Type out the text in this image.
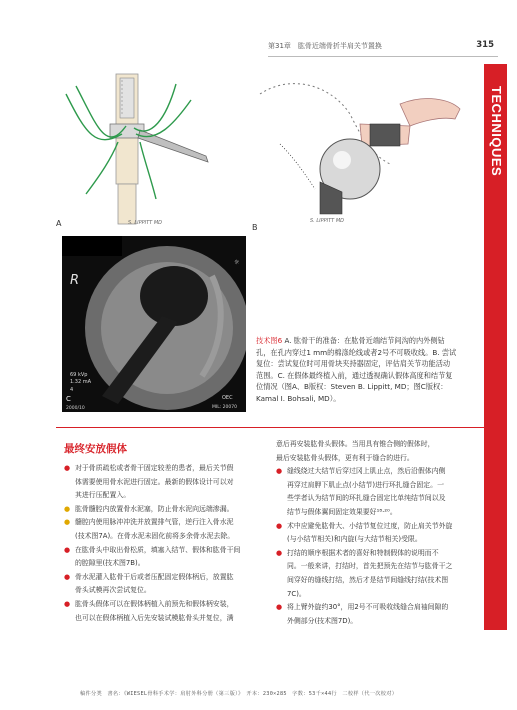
第31章　肱骨近端骨折半肩关节置换	315
TECHNIQUES
A	S. LIPPITT MD	B
S. LIPPITT MD
R
69 kVp
1.32 mA
4
C
2000/10
OEC
MIL: 20070
☼
技术图6 A. 肱骨干的准备：在肱骨近端结节间沟的内外侧钻
孔，在孔内穿过1 mm的棉涤纶线或者2号不可吸收线。B. 尝试
复位：尝试复位时可用骨块夹持器固定，评估肩关节功能活动
范围。C. 在假体最终植入前，通过透视确认假体高度和结节复
位情况（图A、B版权：Steven B. Lippitt, MD；图C版权：
Kamal I. Bohsali, MD）。
最终安放假体

● 对于骨质疏松或者骨干固定较差的患者，最后关节假
体需要使用骨水泥进行固定。最新的假体设计可以对
其进行压配置入。

● 肱骨髓腔内放置骨水泥塞，防止骨水泥向远端渗漏。

● 髓腔内使用脉冲冲洗并放置排气管，逆行注入骨水泥
(技术图7A)。在骨水泥未固化前将多余骨水泥去除。

● 在肱骨头中取出骨松质，填塞入结节、假体和肱骨干间
的腔隙里(技术图7B)。

● 骨水泥灌入肱骨干后或者压配固定假体柄后，放置肱
骨头试模再次尝试复位。

● 肱骨头假体可以在假体柄植入前预先和假体柄安装，
也可以在假体柄植入后先安装试模肱骨头并复位，满

意后再安装肱骨头假体。当用具有锥合侧的假体时，
最后安装肱骨头假体，更有利于缝合的进行。

● 缝线绕过大结节后穿过冈上肌止点，然后沿假体内侧
再穿过肩胛下肌止点(小结节)进行环扎缝合固定。一
些学者认为结节间的环扎缝合固定比单纯结节间以及
结节与假体翼间固定效果要好¹⁸·²⁰。

● 术中应避免肱骨大、小结节复位过度，防止肩关节外旋
(与小结节相关)和内旋(与大结节相关)受限。

● 打结的顺序根据术者的喜好和特制假体的说明而不
同。一般来讲，打结时，首先把预先在结节与肱骨干之
间穿好的缝线打结，然后才是结节间缝线打结(技术图
7C)。

● 将上臂外旋约30°，用2号不可吸收线缝合肩袖间隙的
外侧部分(技术图7D)。

稿件分类　書名：《WIESEL骨科手术学：肩肘外科分册（第三版）》　开本：230×285　字数：53千×44行　二校样（代一次校对）
